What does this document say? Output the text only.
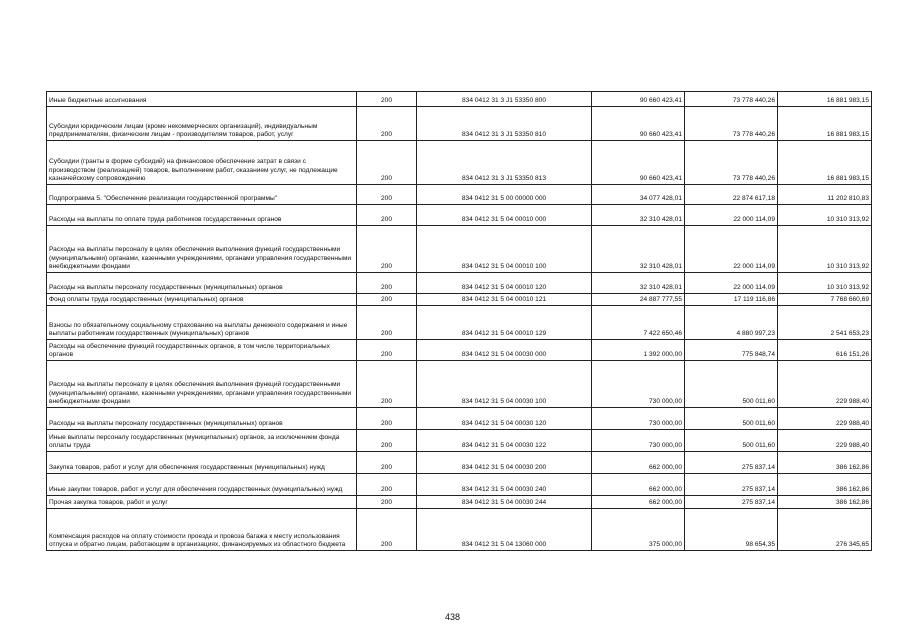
Иные бюджетные ассигнования	200	834 0412 31 3 J1 53350 800	90 660 423,41	73 778 440,26	16 881 983,15
Субсидии юридическим лицам (кроме некоммерческих организаций), индивидуальным предпринимателям, физическим лицам - производителям товаров, работ, услуг	200	834 0412 31 3 J1 53350 810	90 660 423,41	73 778 440,26	16 881 983,15
Субсидии (гранты в форме субсидий) на финансовое обеспечение затрат в связи с производством (реализацией) товаров, выполнением работ, оказанием услуг, не подлежащие казначейскому сопровождению	200	834 0412 31 3 J1 53350 813	90 660 423,41	73 778 440,26	16 881 983,15
Подпрограмма 5. "Обеспечение реализации государственной программы"	200	834 0412 31 5 00 00000 000	34 077 428,01	22 874 617,18	11 202 810,83
Расходы на выплаты по оплате труда работников государственных органов	200	834 0412 31 5 04 00010 000	32 310 428,01	22 000 114,09	10 310 313,92
Расходы на выплаты персоналу в целях обеспечения выполнения функций государственными (муниципальными) органами, казенными учреждениями, органами управления государственными внебюджетными фондами	200	834 0412 31 5 04 00010 100	32 310 428,01	22 000 114,09	10 310 313,92
Расходы на выплаты персоналу государственных (муниципальных) органов	200	834 0412 31 5 04 00010 120	32 310 428,01	22 000 114,09	10 310 313,92
Фонд оплаты труда государственных (муниципальных) органов	200	834 0412 31 5 04 00010 121	24 887 777,55	17 119 116,86	7 768 660,69
Взносы по обязательному социальному страхованию на выплаты денежного содержания и иные выплаты работникам государственных (муниципальных) органов	200	834 0412 31 5 04 00010 129	7 422 650,46	4 880 997,23	2 541 653,23
Расходы на обеспечение функций государственных органов, в том числе территориальных органов	200	834 0412 31 5 04 00030 000	1 392 000,00	775 848,74	616 151,26
Расходы на выплаты персоналу в целях обеспечения выполнения функций государственными (муниципальными) органами, казенными учреждениями, органами управления государственными внебюджетными фондами	200	834 0412 31 5 04 00030 100	730 000,00	500 011,60	229 988,40
Расходы на выплаты персоналу государственных (муниципальных) органов	200	834 0412 31 5 04 00030 120	730 000,00	500 011,60	229 988,40
Иные выплаты персоналу государственных (муниципальных) органов, за исключением фонда оплаты труда	200	834 0412 31 5 04 00030 122	730 000,00	500 011,60	229 988,40
Закупка товаров, работ и услуг для обеспечения государственных (муниципальных) нужд	200	834 0412 31 5 04 00030 200	662 000,00	275 837,14	386 162,86
Иные закупки товаров, работ и услуг для обеспечения государственных (муниципальных) нужд	200	834 0412 31 5 04 00030 240	662 000,00	275 837,14	386 162,86
Прочая закупка товаров, работ и услуг	200	834 0412 31 5 04 00030 244	662 000,00	275 837,14	386 162,86
Компенсация расходов на оплату стоимости проезда и провоза багажа к месту использования отпуска и обратно лицам, работающим в организациях, финансируемых из областного бюджета	200	834 0412 31 5 04 13060 000	375 000,00	98 654,35	276 345,65
438
